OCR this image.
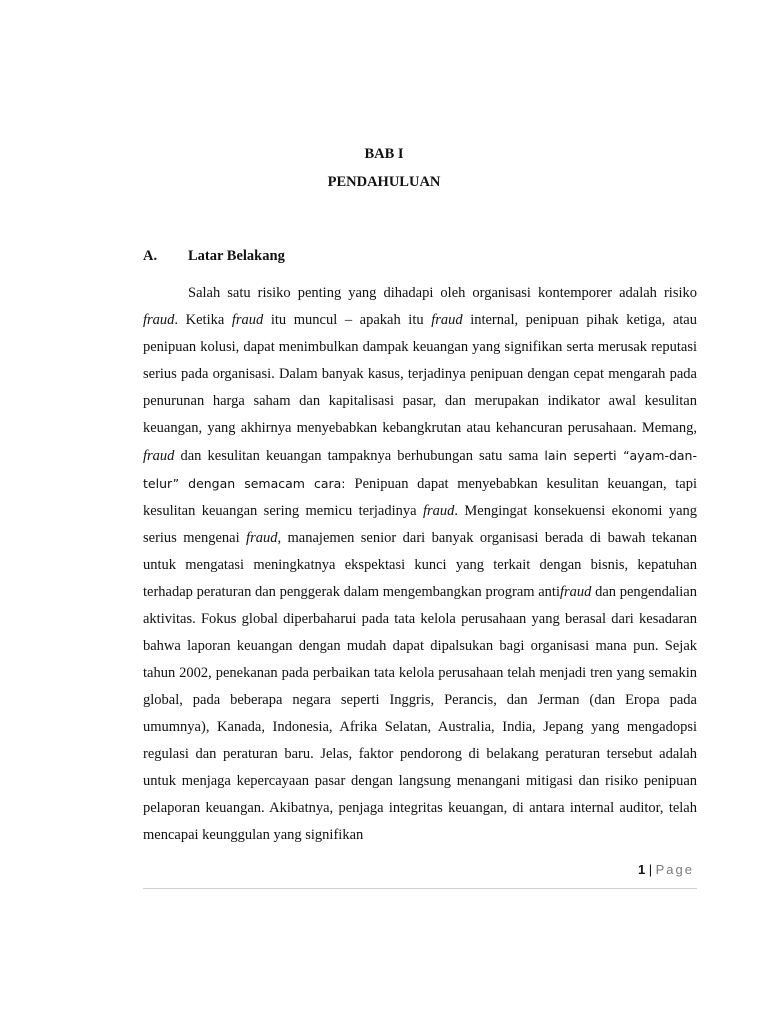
BAB I
PENDAHULUAN
A. Latar Belakang

Salah satu risiko penting yang dihadapi oleh organisasi kontemporer adalah risiko fraud. Ketika fraud itu muncul – apakah itu fraud internal, penipuan pihak ketiga, atau penipuan kolusi, dapat menimbulkan dampak keuangan yang signifikan serta merusak reputasi serius pada organisasi. Dalam banyak kasus, terjadinya penipuan dengan cepat mengarah pada penurunan harga saham dan kapitalisasi pasar, dan merupakan indikator awal kesulitan keuangan, yang akhirnya menyebabkan kebangkrutan atau kehancuran perusahaan. Memang, fraud dan kesulitan keuangan tampaknya berhubungan satu sama lain seperti “ayam-dan-telur” dengan semacam cara: Penipuan dapat menyebabkan kesulitan keuangan, tapi kesulitan keuangan sering memicu terjadinya fraud. Mengingat konsekuensi ekonomi yang serius mengenai fraud, manajemen senior dari banyak organisasi berada di bawah tekanan untuk mengatasi meningkatnya ekspektasi kunci yang terkait dengan bisnis, kepatuhan terhadap peraturan dan penggerak dalam mengembangkan program antifraud dan pengendalian aktivitas. Fokus global diperbaharui pada tata kelola perusahaan yang berasal dari kesadaran bahwa laporan keuangan dengan mudah dapat dipalsukan bagi organisasi mana pun. Sejak tahun 2002, penekanan pada perbaikan tata kelola perusahaan telah menjadi tren yang semakin global, pada beberapa negara seperti Inggris, Perancis, dan Jerman (dan Eropa pada umumnya), Kanada, Indonesia, Afrika Selatan, Australia, India, Jepang yang mengadopsi regulasi dan peraturan baru. Jelas, faktor pendorong di belakang peraturan tersebut adalah untuk menjaga kepercayaan pasar dengan langsung menangani mitigasi dan risiko penipuan pelaporan keuangan. Akibatnya, penjaga integritas keuangan, di antara internal auditor, telah mencapai keunggulan yang signifikan

1 | Page
